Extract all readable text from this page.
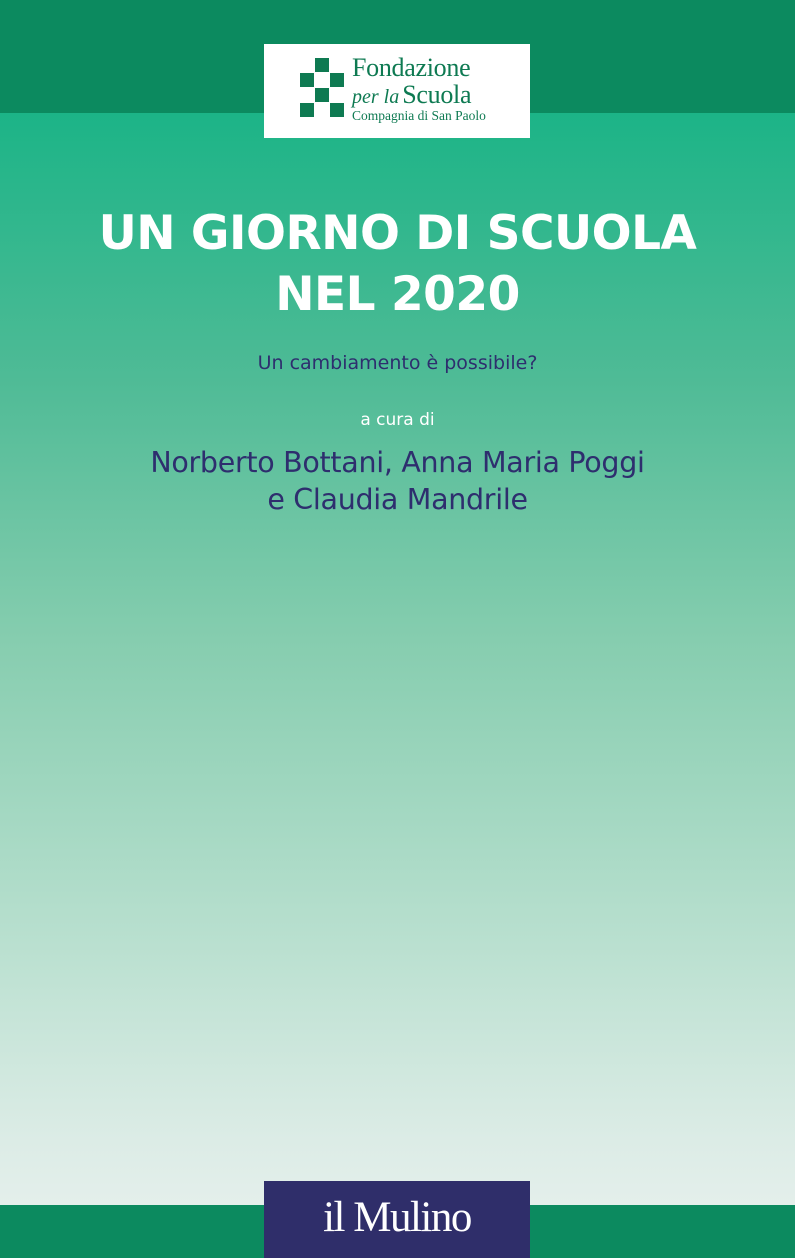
Fondazione
per la Scuola
Compagnia di San Paolo
UN GIORNO DI SCUOLA
NEL 2020
Un cambiamento è possibile?
a cura di
Norberto Bottani, Anna Maria Poggi
e Claudia Mandrile
il Mulino
